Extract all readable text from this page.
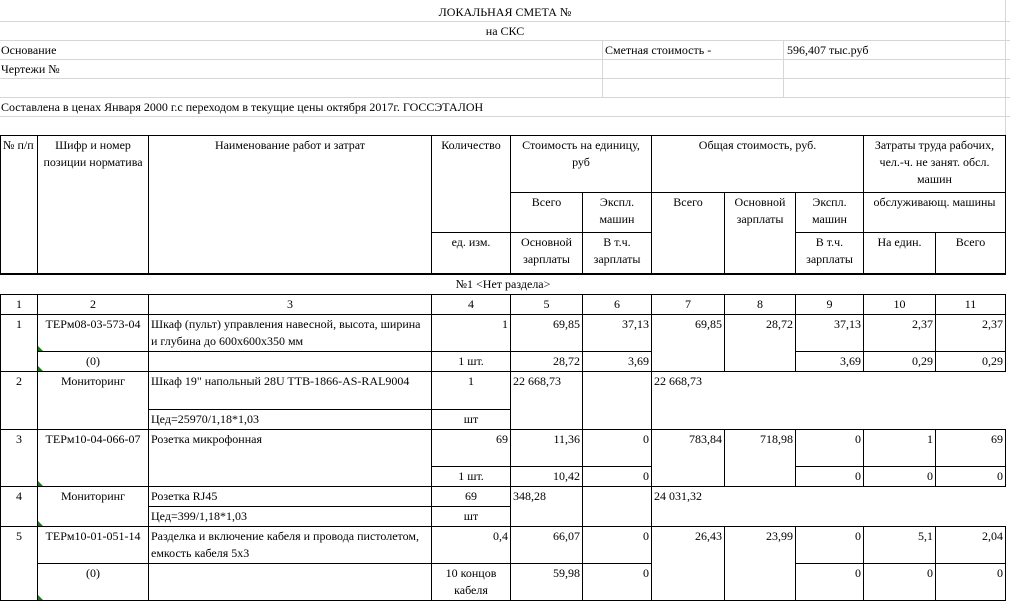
ЛОКАЛЬНАЯ СМЕТА №
на СКС
Основание	Сметная стоимость -	596,407 тыс.руб
Чертежи №
Составлена в ценах Января 2000 г.с переходом в текущие цены октября 2017г. ГОССЭТАЛОН
№ п/п	Шифр и номер позиции норматива	Наименование работ и затрат	Количество	Стоимость на единицу, руб		Общая стоимость, руб.			Затраты труда рабочих, чел.-ч. не занят. обсл. машин	
				Всего	Экспл. машин	Всего	Основной зарплаты	Экспл. машин	обслуживающ. машины	
			ед. изм.	Основной зарплаты	В т.ч. зарплаты			В т.ч. зарплаты	На един.	Всего
№1 <Нет раздела>										
1	2	3	4	5	6	7	8	9	10	11
1	ТЕРм08-03-573-04	Шкаф (пульт) управления навесной, высота, ширина и глубина до 600х600х350 мм	1	69,85	37,13	69,85	28,72	37,13	2,37	2,37
	(0)		1 шт.	28,72	3,69			3,69	0,29	0,29
2	Мониторинг	Шкаф 19" напольный 28U TTB-1866-AS-RAL9004	1	22 668,73		22 668,73				
		Цед=25970/1,18*1,03	шт							
3	ТЕРм10-04-066-07	Розетка микрофонная	69	11,36	0	783,84	718,98	0	1	69
			1 шт.	10,42	0			0	0	0
4	Мониторинг	Розетка RJ45	69	348,28		24 031,32				
		Цед=399/1,18*1,03	шт							
5	ТЕРм10-01-051-14	Разделка и включение кабеля и провода пистолетом, емкость кабеля 5х3	0,4	66,07	0	26,43	23,99	0	5,1	2,04
	(0)		10 концов кабеля	59,98	0			0	0	0
